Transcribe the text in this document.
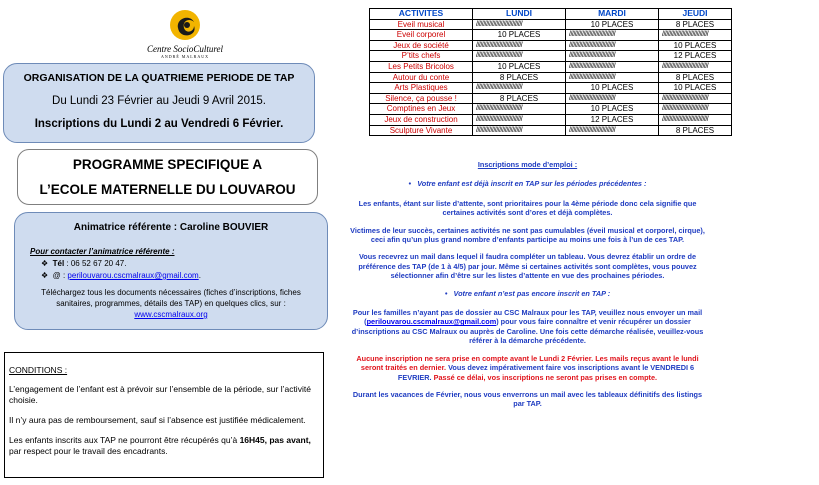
Centre SocioCulturel
ANDRÉ MALRAUX
ORGANISATION DE LA QUATRIEME PERIODE DE TAP
Du Lundi 23 Février au Jeudi 9 Avril 2015.
Inscriptions du Lundi 2 au Vendredi 6 Février.
PROGRAMME SPECIFIQUE A
L’ECOLE MATERNELLE DU LOUVAROU
Animatrice référente : Caroline BOUVIER
Pour contacter l’animatrice référente :
❖ Tél : 06 52 67 20 47.
❖ @ : perilouvarou.cscmalraux@gmail.com.
Téléchargez tous les documents nécessaires (fiches d’inscriptions, fiches sanitaires, programmes, détails des TAP) en quelques clics, sur :
www.cscmalraux.org
CONDITIONS :

L’engagement de l’enfant est à prévoir sur l’ensemble de la période, sur l’activité choisie.

Il n’y aura pas de remboursement, sauf si l’absence est justifiée médicalement.

Les enfants inscrits aux TAP ne pourront être récupérés qu’à 16H45, pas avant, par respect pour le travail des encadrants.

ACTIVITES	LUNDI	MARDI	JEUDI
Eveil musical	////////////////////////////////	10 PLACES	8 PLACES
Eveil corporel	10 PLACES	////////////////////////////////	////////////////////////////////
Jeux de société	////////////////////////////////	////////////////////////////////	10 PLACES
P’tits chefs	////////////////////////////////	////////////////////////////////	12 PLACES
Les Petits Bricolos	10 PLACES	////////////////////////////////	////////////////////////////////
Autour du conte	8 PLACES	////////////////////////////////	8 PLACES
Arts Plastiques	////////////////////////////////	10 PLACES	10 PLACES
Silence, ça pousse !	8 PLACES	////////////////////////////////	////////////////////////////////
Comptines en Jeux	////////////////////////////////	10 PLACES	////////////////////////////////
Jeux de construction	////////////////////////////////	12 PLACES	////////////////////////////////
Sculpture Vivante	////////////////////////////////	////////////////////////////////	8 PLACES
Inscriptions mode d’emploi :
• Votre enfant est déjà inscrit en TAP sur les périodes précédentes :

Les enfants, étant sur liste d’attente, sont prioritaires pour la 4ème période donc cela signifie que certaines activités sont d’ores et déjà complètes.

Victimes de leur succès, certaines activités ne sont pas cumulables (éveil musical et corporel, cirque), ceci afin qu’un plus grand nombre d’enfants participe au moins une fois à l’un de ces TAP.

Vous recevrez un mail dans lequel il faudra compléter un tableau. Vous devrez établir un ordre de préférence des TAP (de 1 à 4/5) par jour. Même si certaines activités sont complètes, vous pouvez sélectionner afin d’être sur les listes d’attente en vue des prochaines périodes.

• Votre enfant n’est pas encore inscrit en TAP :

Pour les familles n’ayant pas de dossier au CSC Malraux pour les TAP, veuillez nous envoyer un mail (perilouvarou.cscmalraux@gmail.com) pour vous faire connaître et venir récupérer un dossier d’inscriptions au CSC Malraux ou auprès de Caroline. Une fois cette démarche réalisée, veuillez-vous référer à la démarche précédente.

Aucune inscription ne sera prise en compte avant le Lundi 2 Février. Les mails reçus avant le lundi seront traités en dernier. Vous devez impérativement faire vos inscriptions avant le VENDREDI 6 FEVRIER. Passé ce délai, vos inscriptions ne seront pas prises en compte.

Durant les vacances de Février, nous vous enverrons un mail avec les tableaux définitifs des listings par TAP.
